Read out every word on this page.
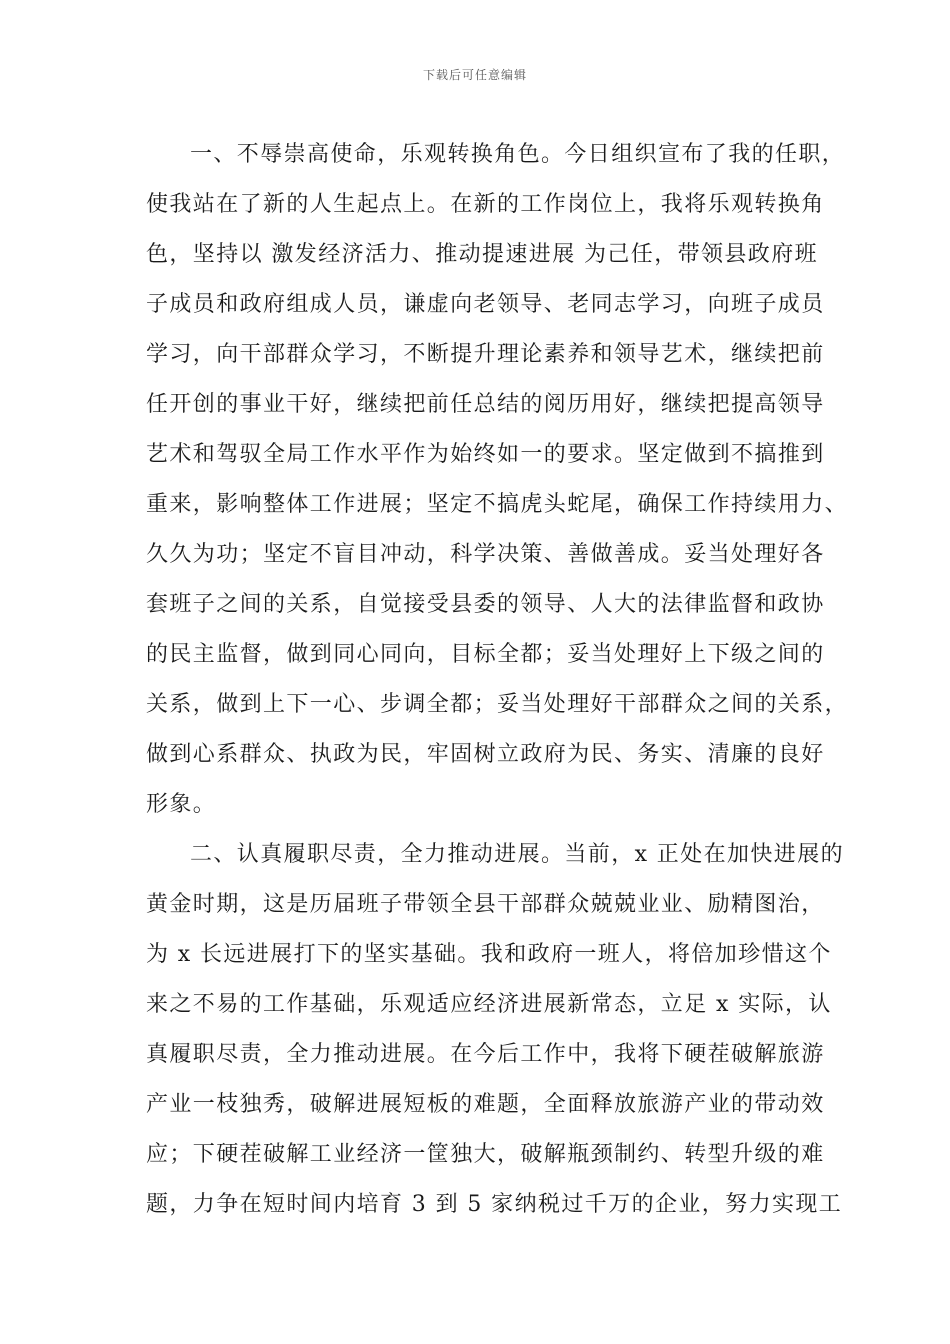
下载后可任意编辑
一、不辱崇高使命，乐观转换角色。今日组织宣布了我的任职，
使我站在了新的人生起点上。在新的工作岗位上，我将乐观转换角
色，坚持以 激发经济活力、推动提速进展 为己任，带领县政府班
子成员和政府组成人员，谦虚向老领导、老同志学习，向班子成员
学习，向干部群众学习，不断提升理论素养和领导艺术，继续把前
任开创的事业干好，继续把前任总结的阅历用好，继续把提高领导
艺术和驾驭全局工作水平作为始终如一的要求。坚定做到不搞推到
重来，影响整体工作进展；坚定不搞虎头蛇尾，确保工作持续用力、
久久为功；坚定不盲目冲动，科学决策、善做善成。妥当处理好各
套班子之间的关系，自觉接受县委的领导、人大的法律监督和政协
的民主监督，做到同心同向，目标全都；妥当处理好上下级之间的
关系，做到上下一心、步调全都；妥当处理好干部群众之间的关系，
做到心系群众、执政为民，牢固树立政府为民、务实、清廉的良好
形象。
二、认真履职尽责，全力推动进展。当前，x 正处在加快进展的
黄金时期，这是历届班子带领全县干部群众兢兢业业、励精图治，
为 x 长远进展打下的坚实基础。我和政府一班人，将倍加珍惜这个
来之不易的工作基础，乐观适应经济进展新常态，立足 x 实际，认
真履职尽责，全力推动进展。在今后工作中，我将下硬茬破解旅游
产业一枝独秀，破解进展短板的难题，全面释放旅游产业的带动效
应；下硬茬破解工业经济一筐独大，破解瓶颈制约、转型升级的难
题，力争在短时间内培育 3 到 5 家纳税过千万的企业，努力实现工
